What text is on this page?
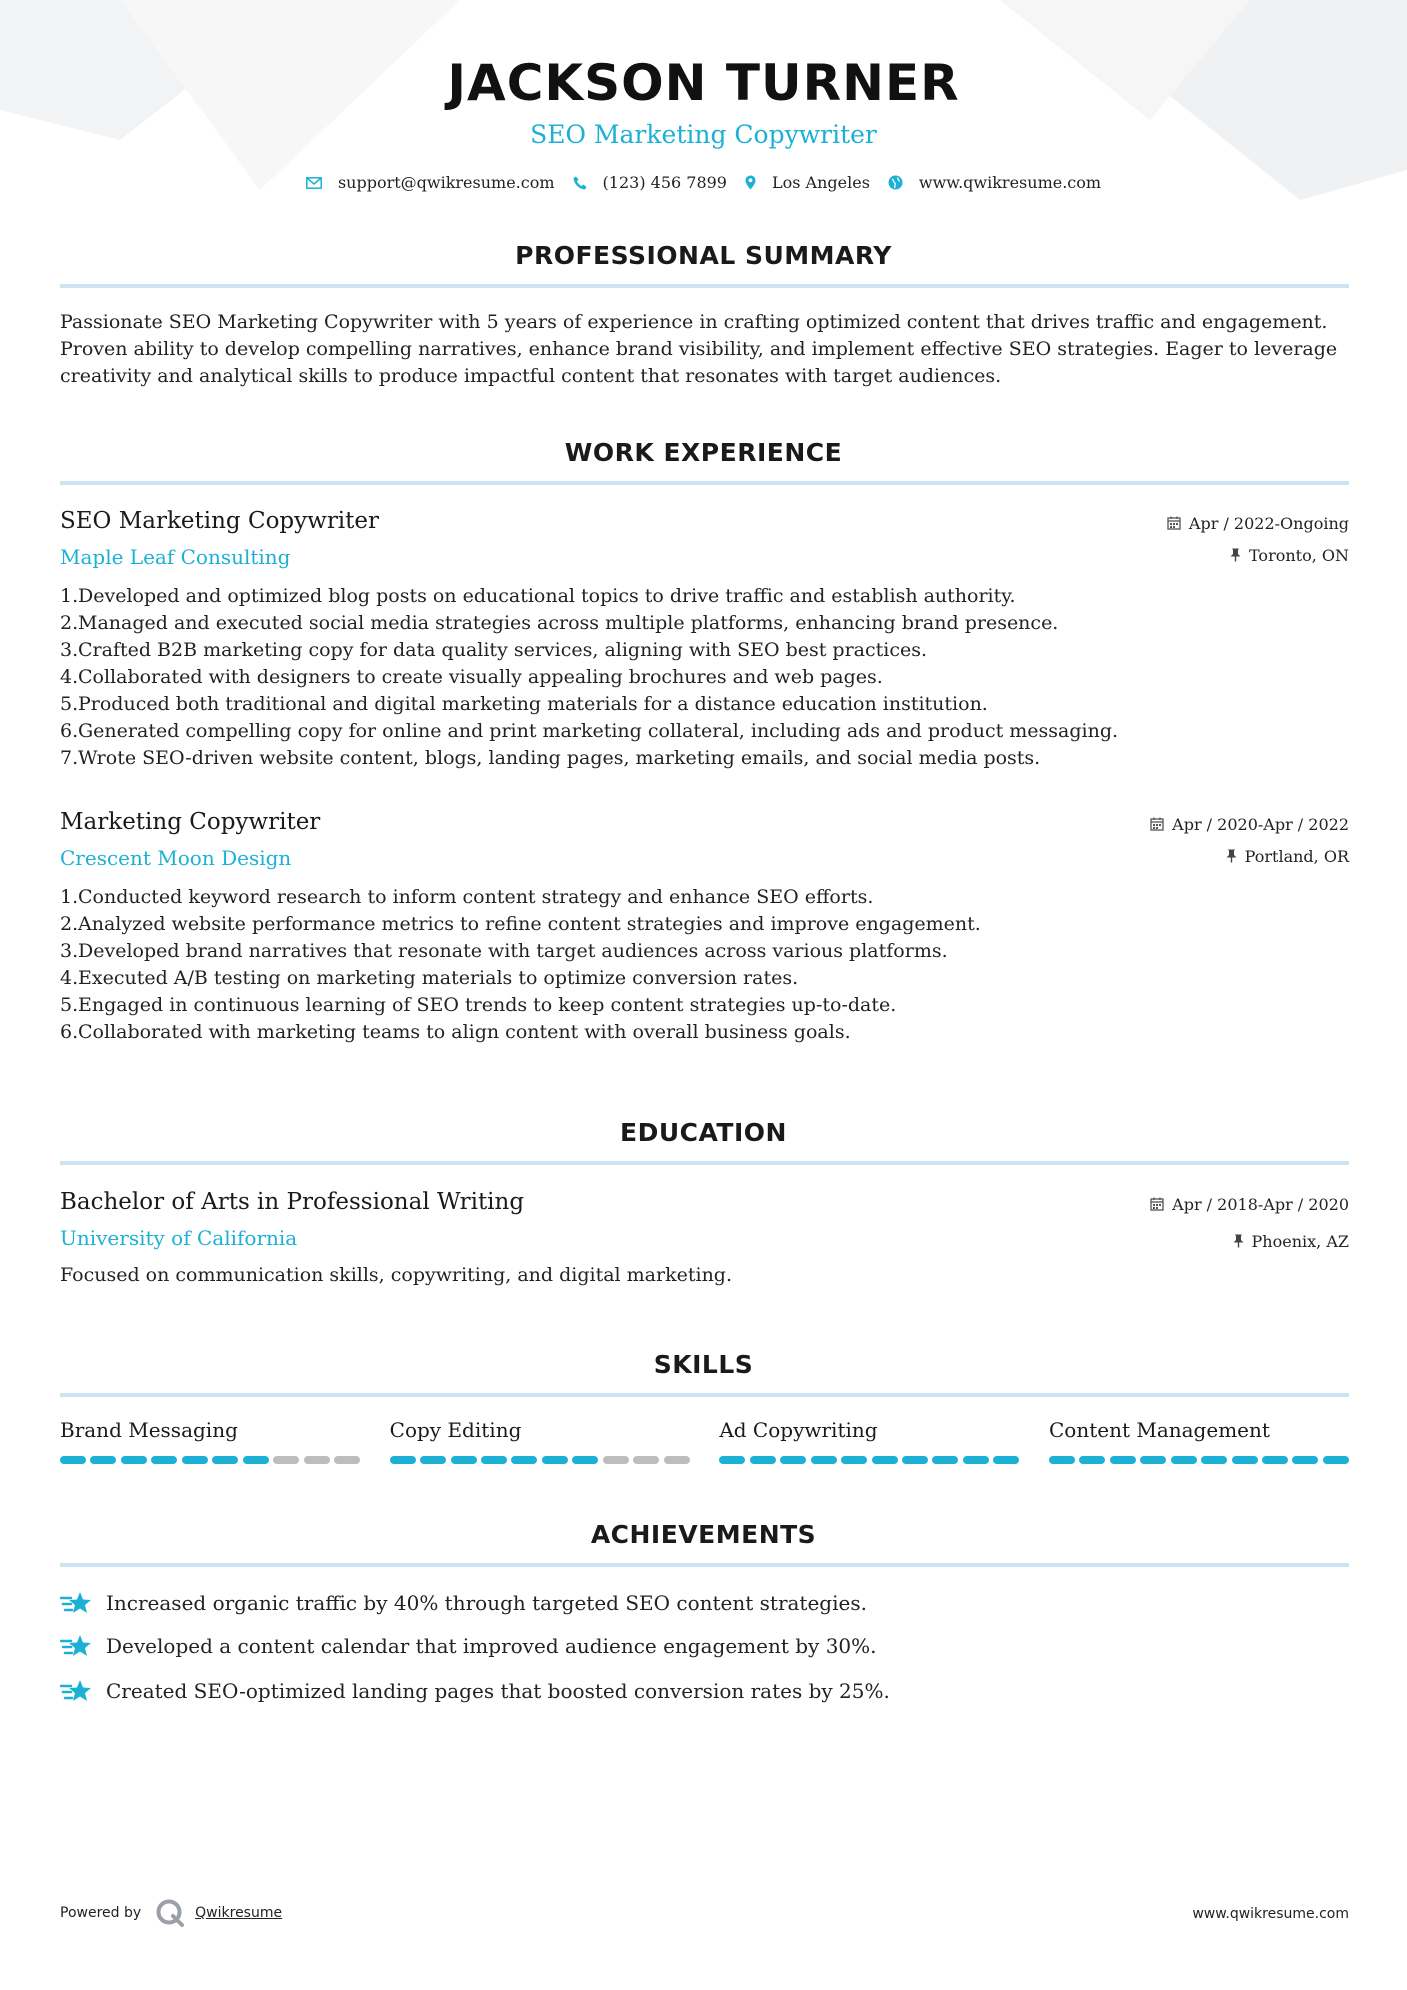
JACKSON TURNER
SEO Marketing Copywriter
support@qwikresume.com	(123) 456 7899	Los Angeles	www.qwikresume.com
PROFESSIONAL SUMMARY
Passionate SEO Marketing Copywriter with 5 years of experience in crafting optimized content that drives traffic and engagement. Proven ability to develop compelling narratives, enhance brand visibility, and implement effective SEO strategies. Eager to leverage creativity and analytical skills to produce impactful content that resonates with target audiences.
WORK EXPERIENCE
SEO Marketing Copywriter
Maple Leaf Consulting
Apr / 2022-Ongoing
Toronto, ON
1.Developed and optimized blog posts on educational topics to drive traffic and establish authority.
2.Managed and executed social media strategies across multiple platforms, enhancing brand presence.
3.Crafted B2B marketing copy for data quality services, aligning with SEO best practices.
4.Collaborated with designers to create visually appealing brochures and web pages.
5.Produced both traditional and digital marketing materials for a distance education institution.
6.Generated compelling copy for online and print marketing collateral, including ads and product messaging.
7.Wrote SEO-driven website content, blogs, landing pages, marketing emails, and social media posts.
Marketing Copywriter
Crescent Moon Design
Apr / 2020-Apr / 2022
Portland, OR
1.Conducted keyword research to inform content strategy and enhance SEO efforts.
2.Analyzed website performance metrics to refine content strategies and improve engagement.
3.Developed brand narratives that resonate with target audiences across various platforms.
4.Executed A/B testing on marketing materials to optimize conversion rates.
5.Engaged in continuous learning of SEO trends to keep content strategies up-to-date.
6.Collaborated with marketing teams to align content with overall business goals.
EDUCATION
Bachelor of Arts in Professional Writing
University of California
Apr / 2018-Apr / 2020
Phoenix, AZ
Focused on communication skills, copywriting, and digital marketing.
SKILLS
Brand Messaging	Copy Editing	Ad Copywriting	Content Management
ACHIEVEMENTS
Increased organic traffic by 40% through targeted SEO content strategies.
Developed a content calendar that improved audience engagement by 30%.
Created SEO-optimized landing pages that boosted conversion rates by 25%.
Powered by	Qwikresume	www.qwikresume.com
